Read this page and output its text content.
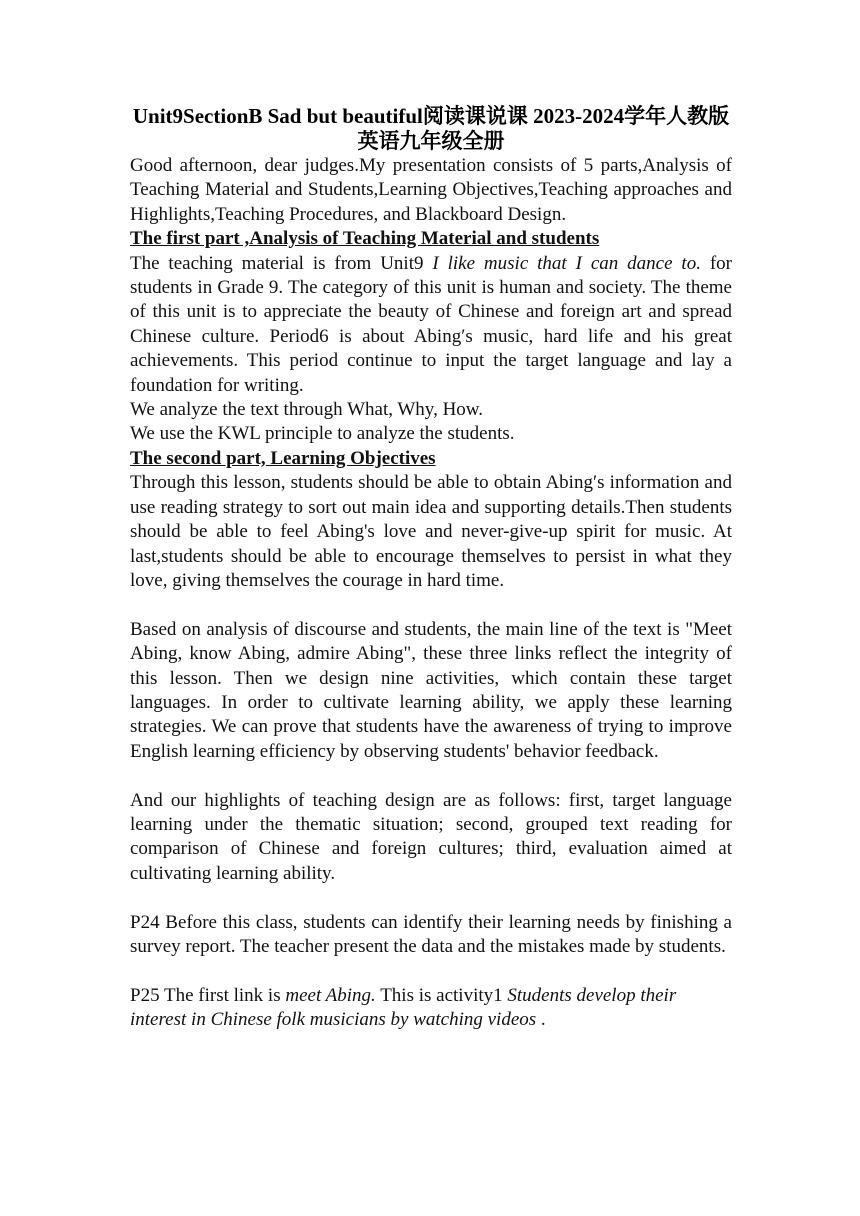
Unit9SectionB Sad but beautiful阅读课说课 2023-2024学年人教版英语九年级全册

Good afternoon, dear judges.My presentation consists of 5 parts,Analysis of Teaching Material and Students,Learning Objectives,Teaching approaches and Highlights,Teaching Procedures, and Blackboard Design.

The first part ,Analysis of Teaching Material and students

The teaching material is from Unit9 I like music that I can dance to. for students in Grade 9. The category of this unit is human and society. The theme of this unit is to appreciate the beauty of Chinese and foreign art and spread Chinese culture. Period6 is about Abing′s music, hard life and his great achievements. This period continue to input the target language and lay a foundation for writing.

We analyze the text through What, Why, How.

We use the KWL principle to analyze the students.

The second part, Learning Objectives

Through this lesson, students should be able to obtain Abing′s information and use reading strategy to sort out main idea and supporting details.Then students should be able to feel Abing's love and never-give-up spirit for music. At last,students should be able to encourage themselves to persist in what they love, giving themselves the courage in hard time.

Based on analysis of discourse and students, the main line of the text is "Meet Abing, know Abing, admire Abing", these three links reflect the integrity of this lesson. Then we design nine activities, which contain these target languages. In order to cultivate learning ability, we apply these learning strategies. We can prove that students have the awareness of trying to improve English learning efficiency by observing students' behavior feedback.

And our highlights of teaching design are as follows: first, target language learning under the thematic situation; second, grouped text reading for comparison of Chinese and foreign cultures; third, evaluation aimed at cultivating learning ability.

P24 Before this class, students can identify their learning needs by finishing a survey report. The teacher present the data and the mistakes made by students.

P25 The first link is meet Abing. This is activity1 Students develop their interest in Chinese folk musicians by watching videos .
